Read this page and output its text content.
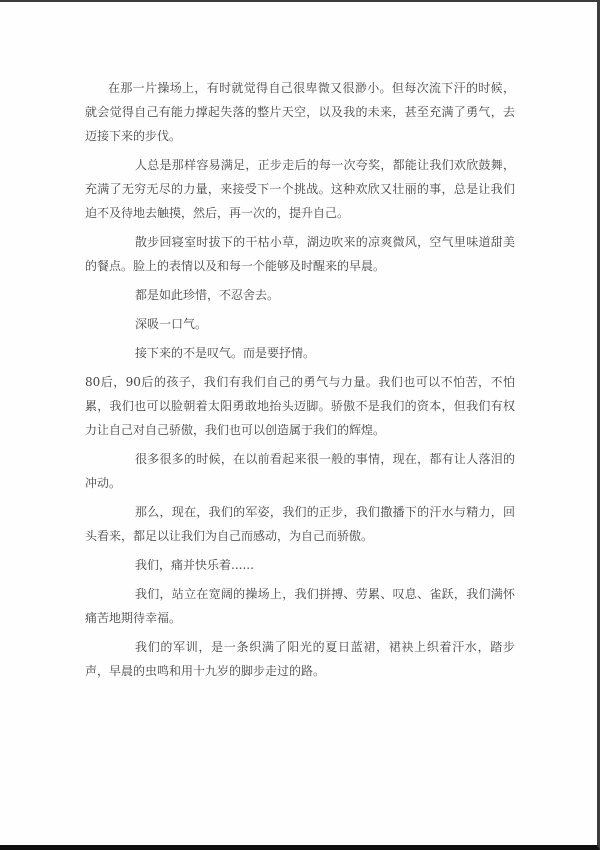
在那一片操场上，有时就觉得自己很卑微又很渺小。但每次流下汗的时候，就会觉得自己有能力撑起失落的整片天空，以及我的未来，甚至充满了勇气，去迈接下来的步伐。

人总是那样容易满足，正步走后的每一次夸奖，都能让我们欢欣鼓舞，充满了无穷无尽的力量，来接受下一个挑战。这种欢欣又壮丽的事，总是让我们迫不及待地去触摸，然后，再一次的，提升自己。

散步回寝室时拔下的干枯小草，湖边吹来的凉爽微风，空气里味道甜美的餐点。脸上的表情以及和每一个能够及时醒来的早晨。

都是如此珍惜，不忍舍去。

深吸一口气。

接下来的不是叹气。而是要抒情。

80后，90后的孩子，我们有我们自己的勇气与力量。我们也可以不怕苦，不怕累，我们也可以脸朝着太阳勇敢地抬头迈脚。骄傲不是我们的资本，但我们有权力让自己对自己骄傲，我们也可以创造属于我们的辉煌。

很多很多的时候，在以前看起来很一般的事情，现在，都有让人落泪的冲动。

那么，现在，我们的军姿，我们的正步，我们撒播下的汗水与精力，回头看来，都足以让我们为自己而感动，为自己而骄傲。

我们，痛并快乐着......

我们，站立在宽阔的操场上，我们拼搏、劳累、叹息、雀跃，我们满怀痛苦地期待幸福。

我们的军训，是一条织满了阳光的夏日蓝裙，裙袂上织着汗水，踏步声，早晨的虫鸣和用十九岁的脚步走过的路。
